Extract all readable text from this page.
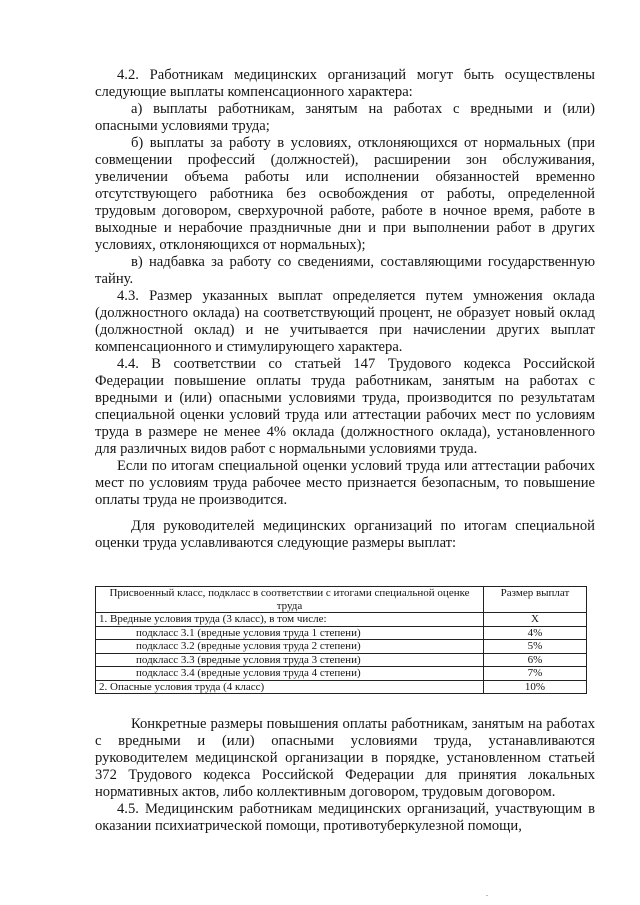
4.2. Работникам медицинских организаций могут быть осуществлены следующие выплаты компенсационного характера:

а) выплаты работникам, занятым на работах с вредными и (или) опасными условиями труда;

б) выплаты за работу в условиях, отклоняющихся от нормальных (при совмещении профессий (должностей), расширении зон обслуживания, увеличении объема работы или исполнении обязанностей временно отсутствующего работника без освобождения от работы, определенной трудовым договором, сверхурочной работе, работе в ночное время, работе в выходные и нерабочие праздничные дни и при выполнении работ в других условиях, отклоняющихся от нормальных);

в) надбавка за работу со сведениями, составляющими государственную тайну.

4.3. Размер указанных выплат определяется путем умножения оклада (должностного оклада) на соответствующий процент, не образует новый оклад (должностной оклад) и не учитывается при начислении других выплат компенсационного и стимулирующего характера.

4.4. В соответствии со статьей 147 Трудового кодекса Российской Федерации повышение оплаты труда работникам, занятым на работах с вредными и (или) опасными условиями труда, производится по результатам специальной оценки условий труда или аттестации рабочих мест по условиям труда в размере не менее 4% оклада (должностного оклада), установленного для различных видов работ с нормальными условиями труда.

Если по итогам специальной оценки условий труда или аттестации рабочих мест по условиям труда рабочее место признается безопасным, то повышение оплаты труда не производится.

Для руководителей медицинских организаций по итогам специальной оценки труда уславливаются следующие размеры выплат:

Присвоенный класс, подкласс в соответствии с итогами специальной оценке труда	Размер выплат
1. Вредные условия труда (3 класс), в том числе:	X
подкласс 3.1 (вредные условия труда 1 степени)	4%
подкласс 3.2 (вредные условия труда 2 степени)	5%
подкласс 3.3 (вредные условия труда 3 степени)	6%
подкласс 3.4 (вредные условия труда 4 степени)	7%
2. Опасные условия труда (4 класс)	10%

Конкретные размеры повышения оплаты работникам, занятым на работах с вредными и (или) опасными условиями труда, устанавливаются руководителем медицинской организации в порядке, установленном статьей 372 Трудового кодекса Российской Федерации для принятия локальных нормативных актов, либо коллективным договором, трудовым договором.

4.5. Медицинским работникам медицинских организаций, участвующим в оказании психиатрической помощи, противотуберкулезной помощи,

-
